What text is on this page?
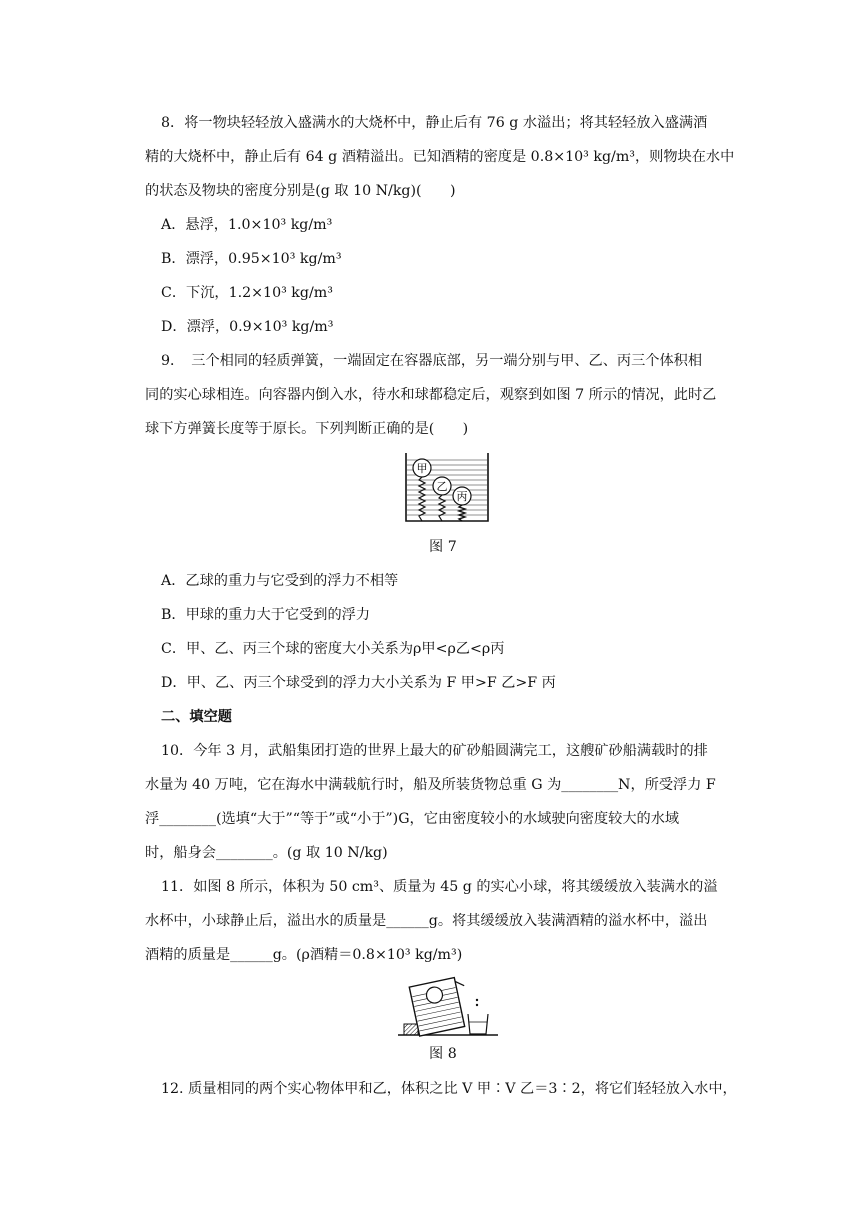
8．将一物块轻轻放入盛满水的大烧杯中，静止后有 76 g 水溢出；将其轻轻放入盛满酒
精的大烧杯中，静止后有 64 g 酒精溢出。已知酒精的密度是 0.8×10³ kg/m³，则物块在水中
的状态及物块的密度分别是(g 取 10 N/kg)(　　)
A．悬浮，1.0×10³ kg/m³
B．漂浮，0.95×10³ kg/m³
C．下沉，1.2×10³ kg/m³
D．漂浮，0.9×10³ kg/m³
9．　三个相同的轻质弹簧，一端固定在容器底部，另一端分别与甲、乙、丙三个体积相
同的实心球相连。向容器内倒入水，待水和球都稳定后，观察到如图 7 所示的情况，此时乙
球下方弹簧长度等于原长。下列判断正确的是(　　)
甲
乙
丙
图 7
A．乙球的重力与它受到的浮力不相等
B．甲球的重力大于它受到的浮力
C．甲、乙、丙三个球的密度大小关系为ρ甲<ρ乙<ρ丙
D．甲、乙、丙三个球受到的浮力大小关系为 F 甲>F 乙>F 丙
二、填空题
10．今年 3 月，武船集团打造的世界上最大的矿砂船圆满完工，这艘矿砂船满载时的排
水量为 40 万吨，它在海水中满载航行时，船及所装货物总重 G 为________N，所受浮力 F
浮________(选填“大于”“等于”或“小于”)G，它由密度较小的水域驶向密度较大的水域
时，船身会________。(g 取 10 N/kg)
11．如图 8 所示，体积为 50 cm³、质量为 45 g 的实心小球，将其缓缓放入装满水的溢
水杯中，小球静止后，溢出水的质量是______g。将其缓缓放入装满酒精的溢水杯中，溢出
酒精的质量是______g。(ρ酒精＝0.8×10³ kg/m³)
图 8
12. 质量相同的两个实心物体甲和乙，体积之比 V 甲∶V 乙＝3∶2，将它们轻轻放入水中，
